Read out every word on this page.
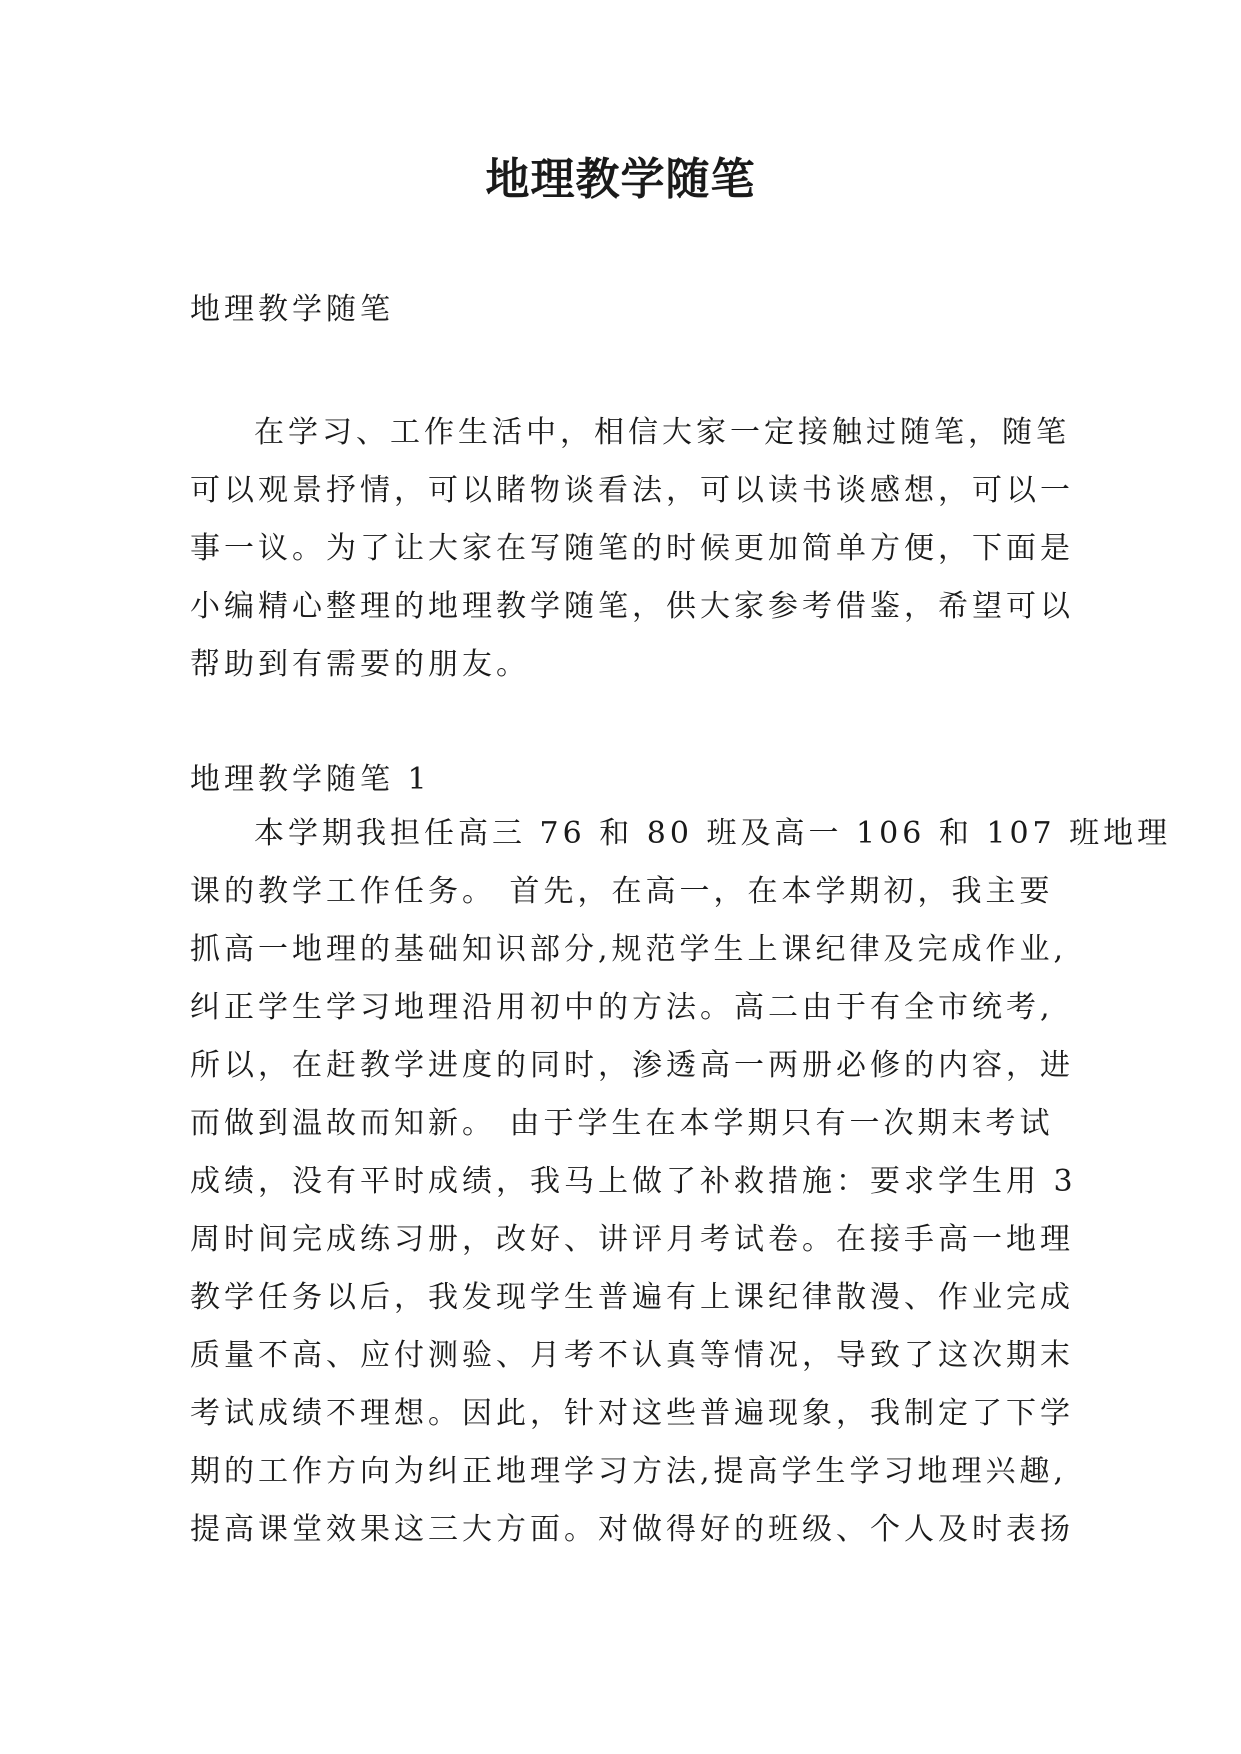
地理教学随笔
地理教学随笔
在学习、工作生活中，相信大家一定接触过随笔，随笔
可以观景抒情，可以睹物谈看法，可以读书谈感想，可以一
事一议。为了让大家在写随笔的时候更加简单方便，下面是
小编精心整理的地理教学随笔，供大家参考借鉴，希望可以
帮助到有需要的朋友。
地理教学随笔 1
本学期我担任高三 76 和 80 班及高一 106 和 107 班地理
课的教学工作任务。 首先，在高一，在本学期初，我主要
抓高一地理的基础知识部分,规范学生上课纪律及完成作业,
纠正学生学习地理沿用初中的方法。高二由于有全市统考,
所以，在赶教学进度的同时，渗透高一两册必修的内容，进
而做到温故而知新。 由于学生在本学期只有一次期末考试
成绩，没有平时成绩，我马上做了补救措施：要求学生用 3
周时间完成练习册，改好、讲评月考试卷。在接手高一地理
教学任务以后，我发现学生普遍有上课纪律散漫、作业完成
质量不高、应付测验、月考不认真等情况，导致了这次期末
考试成绩不理想。因此，针对这些普遍现象，我制定了下学
期的工作方向为纠正地理学习方法,提高学生学习地理兴趣,
提高课堂效果这三大方面。对做得好的班级、个人及时表扬
